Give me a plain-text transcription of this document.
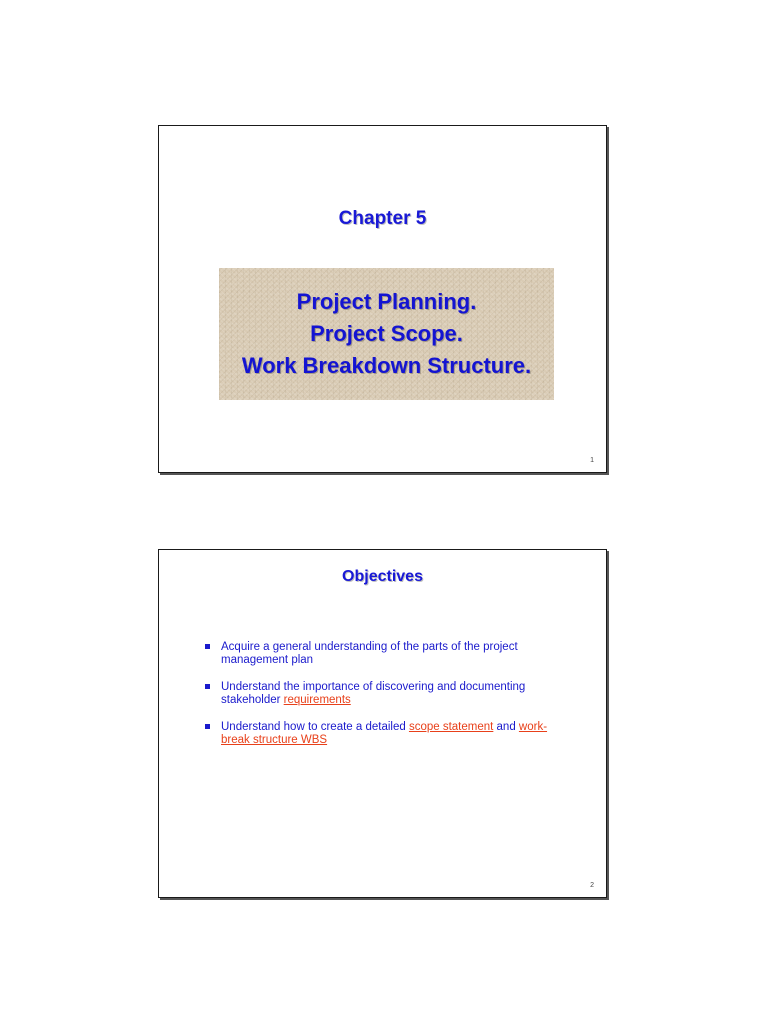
Chapter 5
Project Planning.
Project Scope.
Work Breakdown Structure.
1
Objectives
Acquire a general understanding of the parts of the project management plan
Understand the importance of discovering and documenting stakeholder requirements
Understand how to create a detailed scope statement and work-break structure WBS
2
